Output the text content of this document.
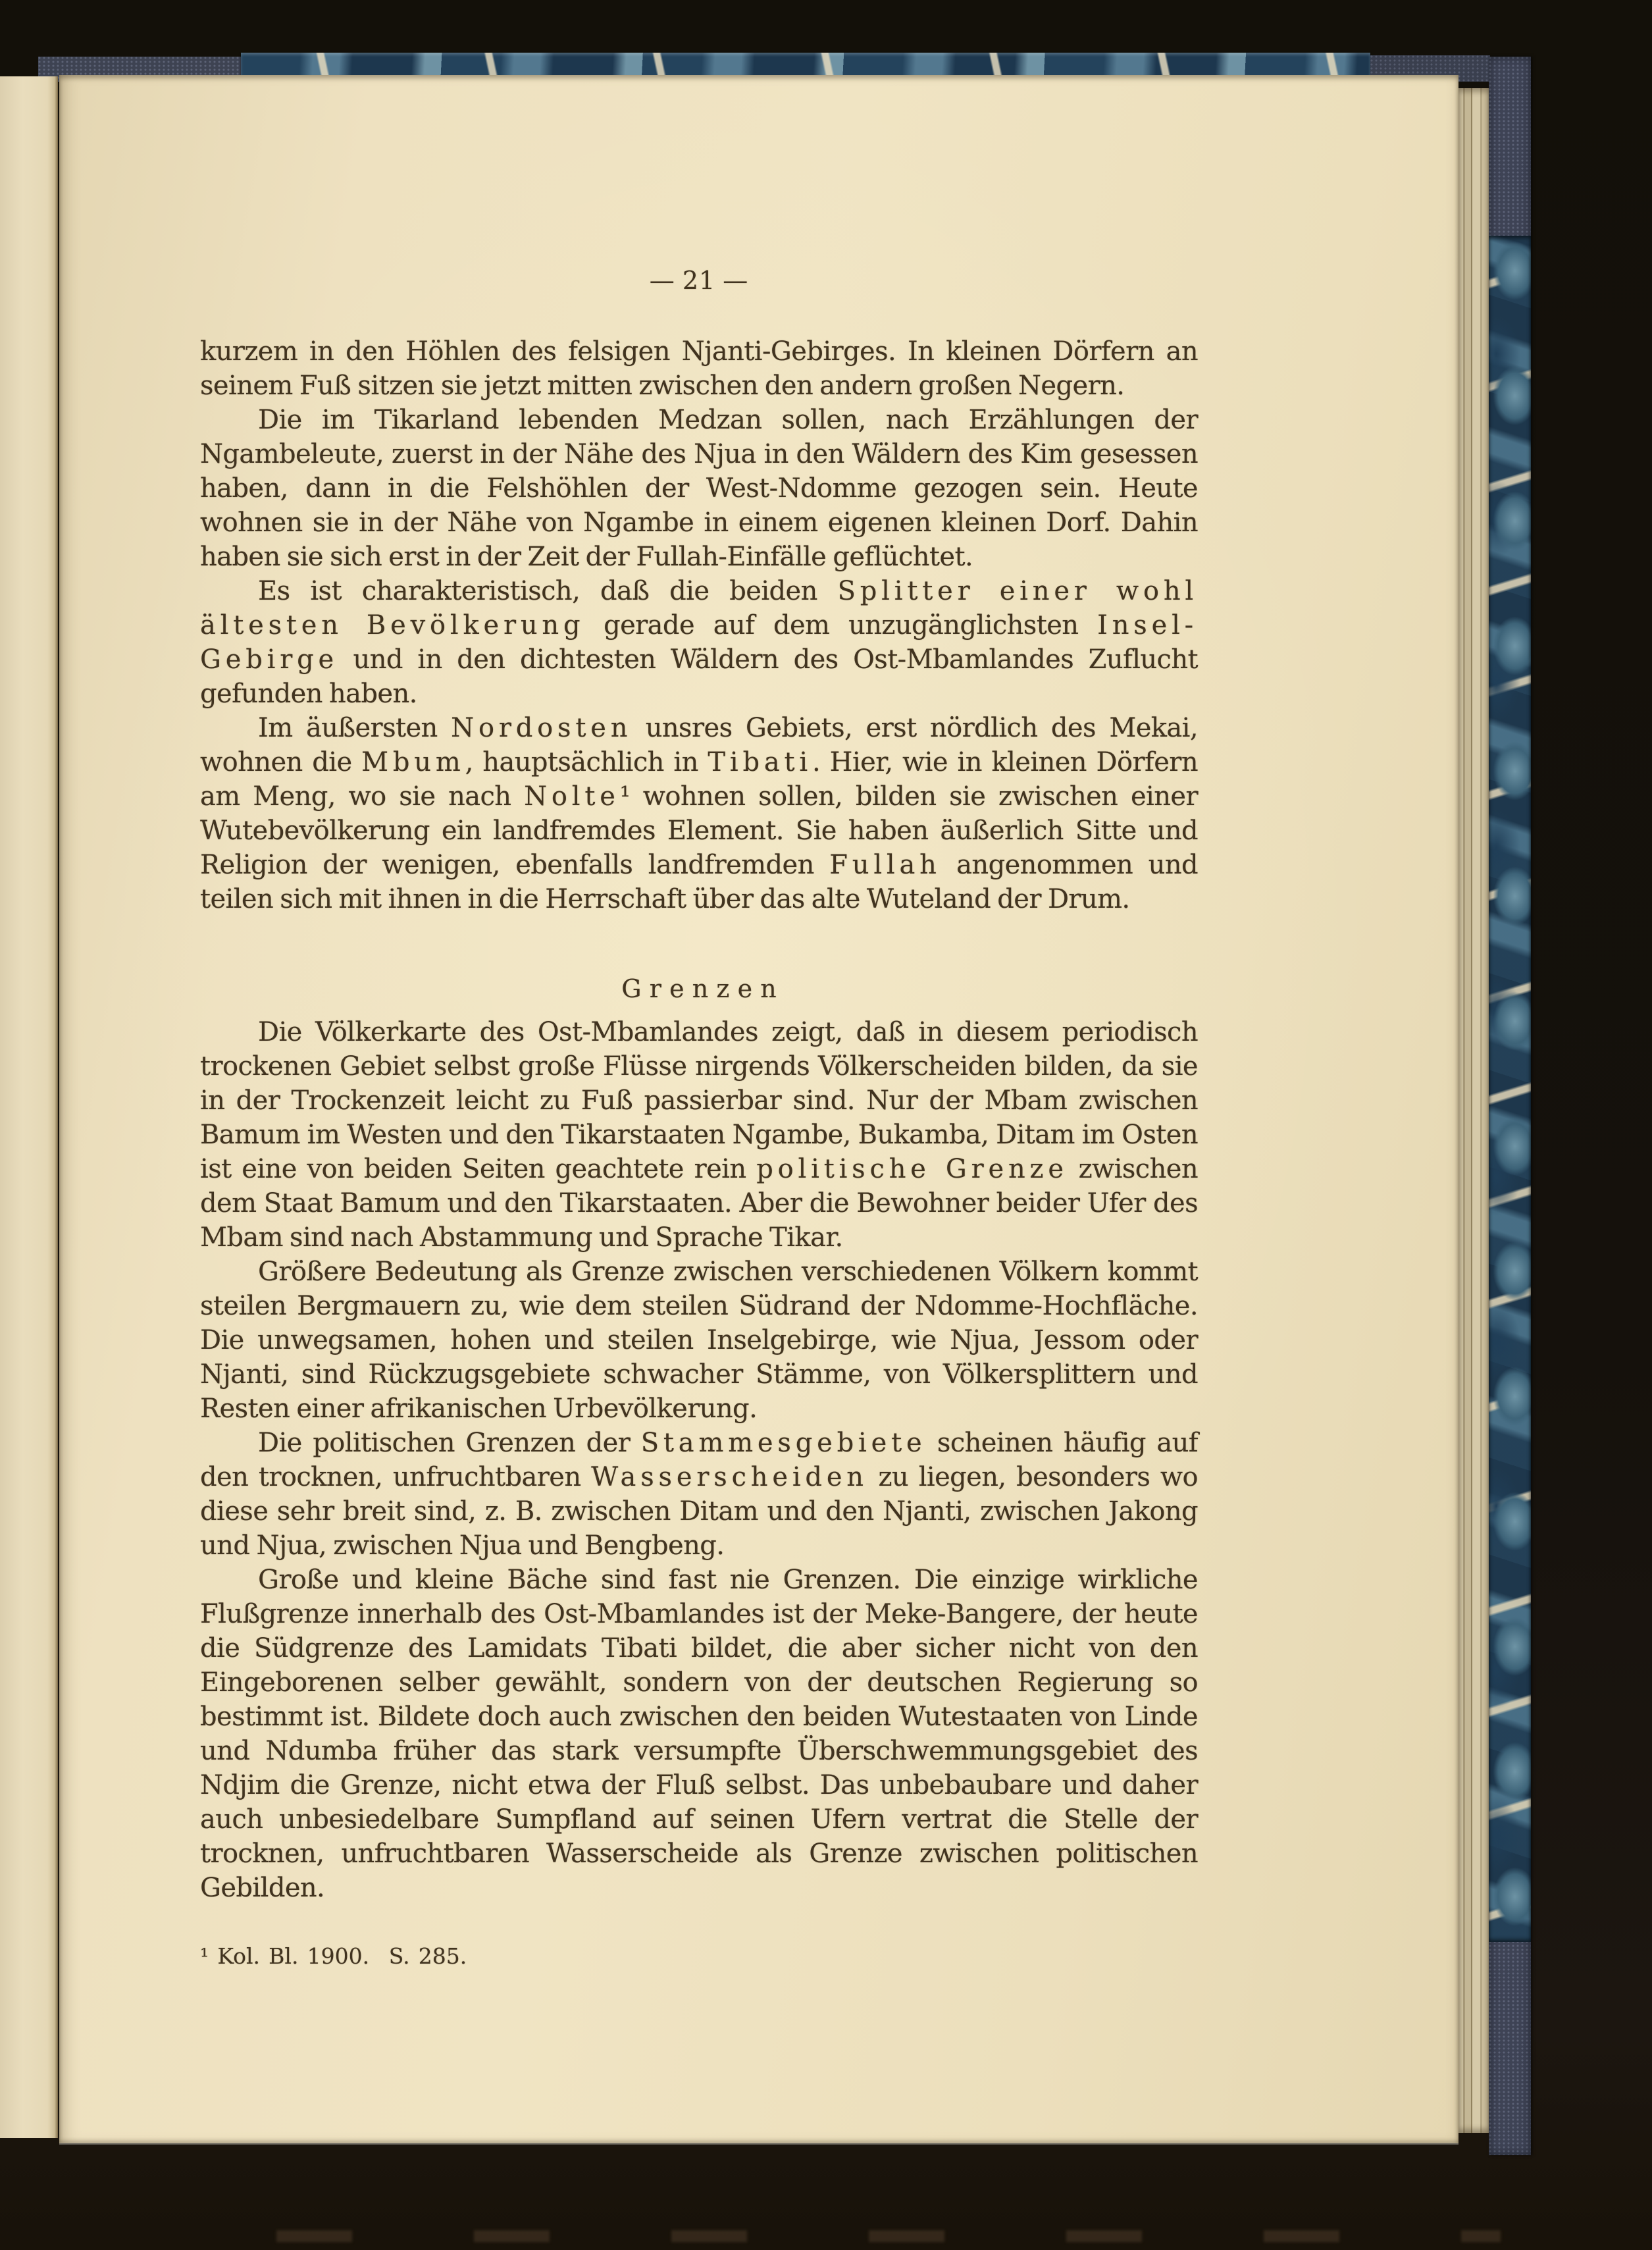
— 21 —

kurzem in den Höhlen des felsigen Njanti-Gebirges. In kleinen Dörfern an seinem Fuß sitzen sie jetzt mitten zwischen den andern großen Negern.

Die im Tikarland lebenden Medzan sollen, nach Erzählungen der Ngambeleute, zuerst in der Nähe des Njua in den Wäldern des Kim gesessen haben, dann in die Felshöhlen der West-Ndomme gezogen sein. Heute wohnen sie in der Nähe von Ngambe in einem eigenen kleinen Dorf. Dahin haben sie sich erst in der Zeit der Fullah-Einfälle geflüchtet.

Es ist charakteristisch, daß die beiden Splitter einer wohl ältesten Bevölkerung gerade auf dem unzugänglichsten Insel-Gebirge und in den dichtesten Wäldern des Ost-Mbamlandes Zuflucht gefunden haben.

Im äußersten Nordosten unsres Gebiets, erst nördlich des Mekai, wohnen die Mbum, hauptsächlich in Tibati. Hier, wie in kleinen Dörfern am Meng, wo sie nach Nolte¹ wohnen sollen, bilden sie zwischen einer Wutebevölkerung ein landfremdes Element. Sie haben äußerlich Sitte und Religion der wenigen, ebenfalls landfremden Fullah angenommen und teilen sich mit ihnen in die Herrschaft über das alte Wuteland der Drum.

Grenzen

Die Völkerkarte des Ost-Mbamlandes zeigt, daß in diesem periodisch trockenen Gebiet selbst große Flüsse nirgends Völkerscheiden bilden, da sie in der Trockenzeit leicht zu Fuß passierbar sind. Nur der Mbam zwischen Bamum im Westen und den Tikarstaaten Ngambe, Bukamba, Ditam im Osten ist eine von beiden Seiten geachtete rein politische Grenze zwischen dem Staat Bamum und den Tikarstaaten. Aber die Bewohner beider Ufer des Mbam sind nach Abstammung und Sprache Tikar.

Größere Bedeutung als Grenze zwischen verschiedenen Völkern kommt steilen Bergmauern zu, wie dem steilen Südrand der Ndomme-Hochfläche. Die unwegsamen, hohen und steilen Inselgebirge, wie Njua, Jessom oder Njanti, sind Rückzugsgebiete schwacher Stämme, von Völkersplittern und Resten einer afrikanischen Urbevölkerung.

Die politischen Grenzen der Stammesgebiete scheinen häufig auf den trocknen, unfruchtbaren Wasserscheiden zu liegen, besonders wo diese sehr breit sind, z. B. zwischen Ditam und den Njanti, zwischen Jakong und Njua, zwischen Njua und Bengbeng.

Große und kleine Bäche sind fast nie Grenzen. Die einzige wirkliche Flußgrenze innerhalb des Ost-Mbamlandes ist der Meke-Bangere, der heute die Südgrenze des Lamidats Tibati bildet, die aber sicher nicht von den Eingeborenen selber gewählt, sondern von der deutschen Regierung so bestimmt ist. Bildete doch auch zwischen den beiden Wutestaaten von Linde und Ndumba früher das stark versumpfte Überschwemmungsgebiet des Ndjim die Grenze, nicht etwa der Fluß selbst. Das unbebaubare und daher auch unbesiedelbare Sumpfland auf seinen Ufern vertrat die Stelle der trocknen, unfruchtbaren Wasserscheide als Grenze zwischen politischen Gebilden.

¹ Kol. Bl. 1900.  S. 285.
